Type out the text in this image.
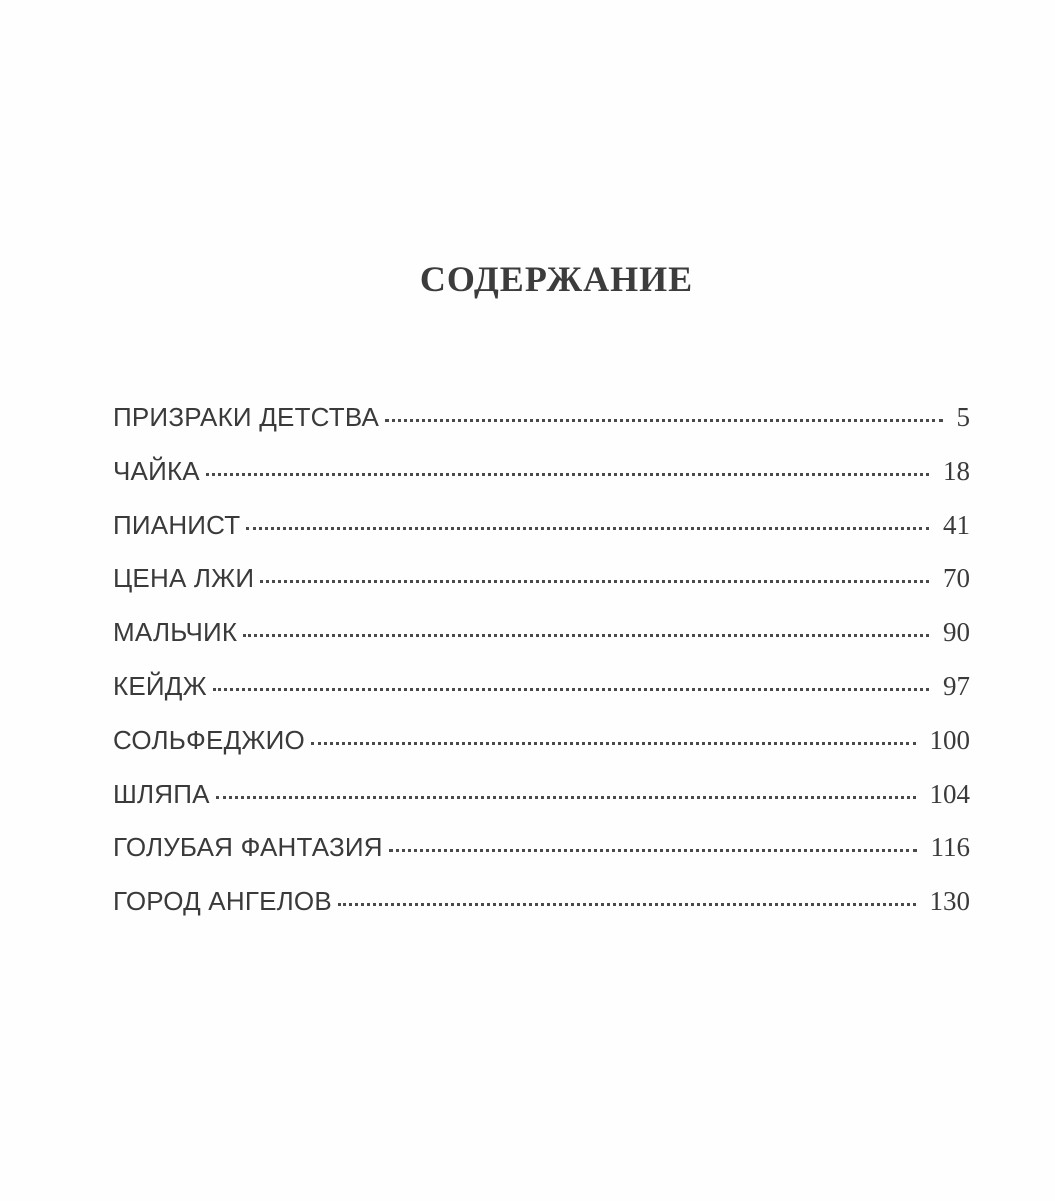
СОДЕРЖАНИЕ
ПРИЗРАКИ ДЕТСТВА	5
ЧАЙКА	18
ПИАНИСТ	41
ЦЕНА ЛЖИ	70
МАЛЬЧИК	90
КЕЙДЖ	97
СОЛЬФЕДЖИО	100
ШЛЯПА	104
ГОЛУБАЯ ФАНТАЗИЯ	116
ГОРОД АНГЕЛОВ	130
